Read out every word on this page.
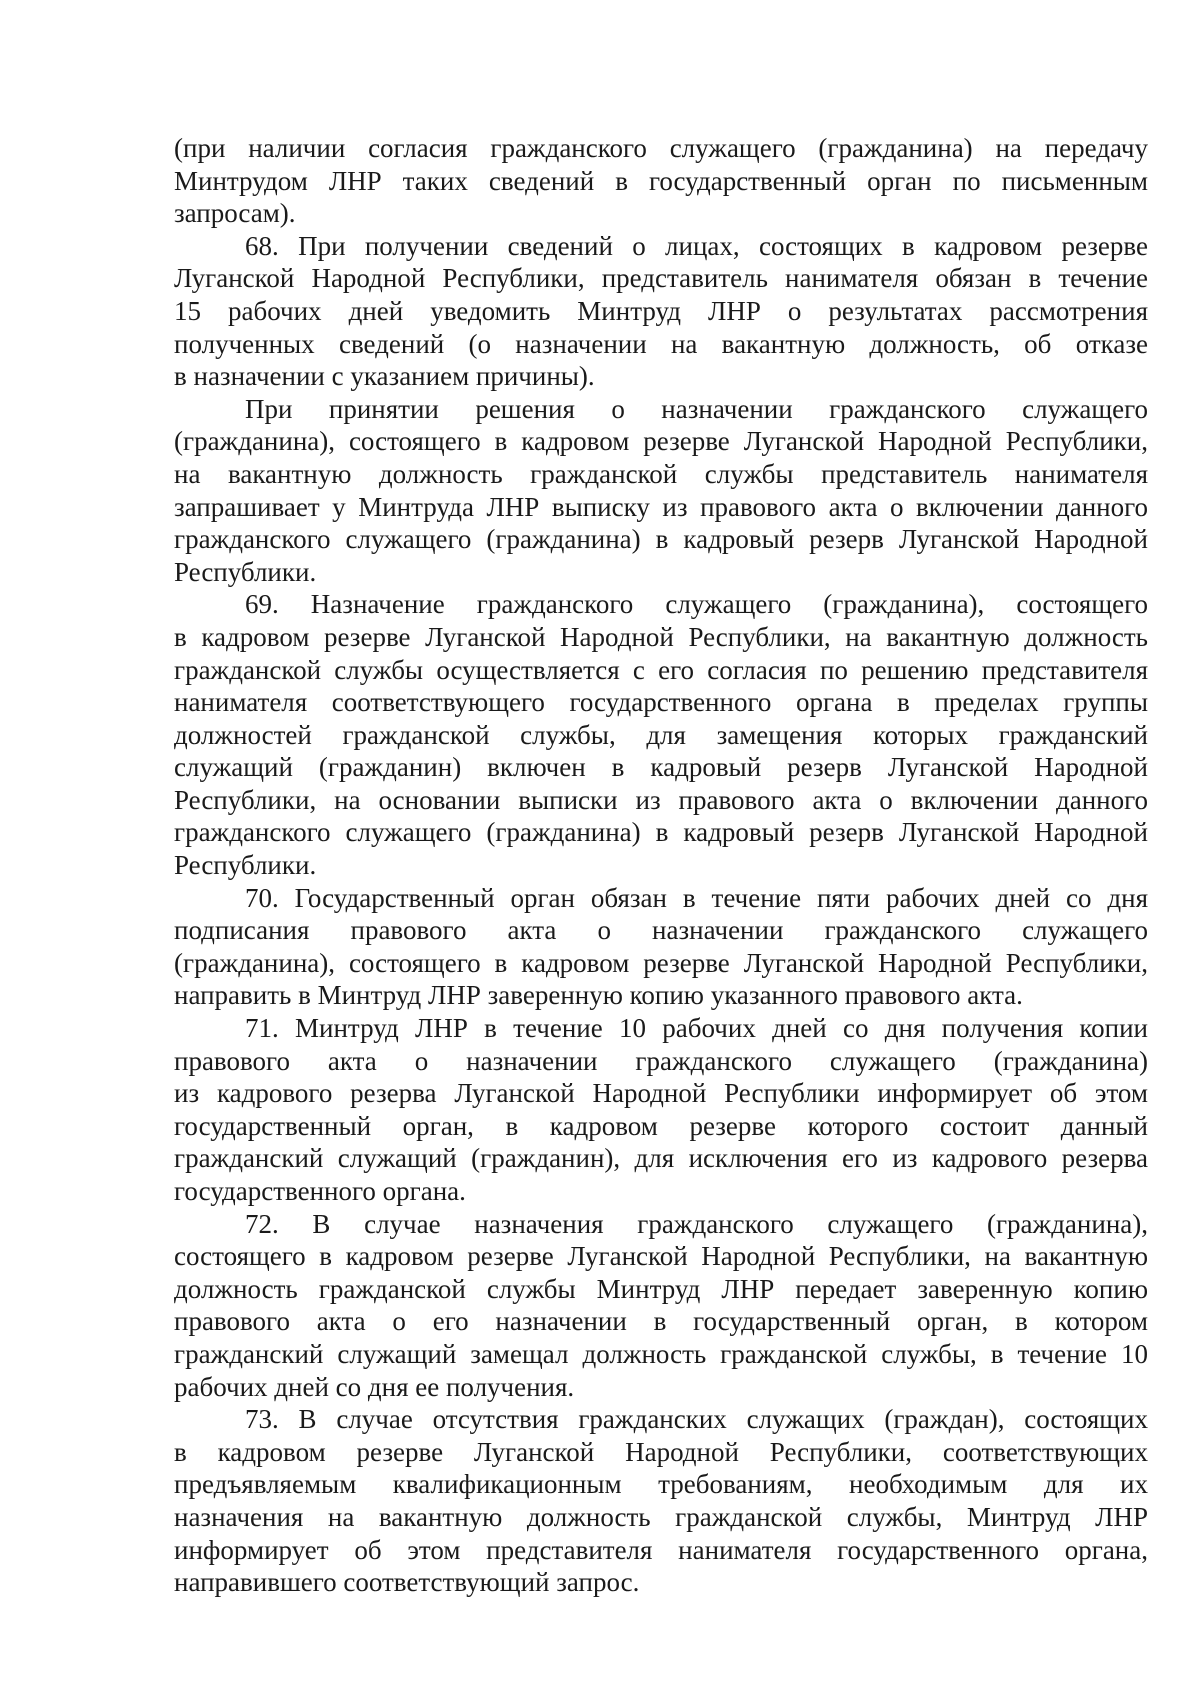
(при наличии согласия гражданского служащего (гражданина) на передачу
Минтрудом ЛНР таких сведений в государственный орган по письменным
запросам).
68. При получении сведений о лицах, состоящих в кадровом резерве
Луганской Народной Республики, представитель нанимателя обязан в течение
15 рабочих дней уведомить Минтруд ЛНР о результатах рассмотрения
полученных сведений (о назначении на вакантную должность, об отказе
в назначении с указанием причины).
При принятии решения о назначении гражданского служащего
(гражданина), состоящего в кадровом резерве Луганской Народной Республики,
на вакантную должность гражданской службы представитель нанимателя
запрашивает у Минтруда ЛНР выписку из правового акта о включении данного
гражданского служащего (гражданина) в кадровый резерв Луганской Народной
Республики.
69. Назначение гражданского служащего (гражданина), состоящего
в кадровом резерве Луганской Народной Республики, на вакантную должность
гражданской службы осуществляется с его согласия по решению представителя
нанимателя соответствующего государственного органа в пределах группы
должностей гражданской службы, для замещения которых гражданский
служащий (гражданин) включен в кадровый резерв Луганской Народной
Республики, на основании выписки из правового акта о включении данного
гражданского служащего (гражданина) в кадровый резерв Луганской Народной
Республики.
70. Государственный орган обязан в течение пяти рабочих дней со дня
подписания правового акта о назначении гражданского служащего
(гражданина), состоящего в кадровом резерве Луганской Народной Республики,
направить в Минтруд ЛНР заверенную копию указанного правового акта.
71. Минтруд ЛНР в течение 10 рабочих дней со дня получения копии
правового акта о назначении гражданского служащего (гражданина)
из кадрового резерва Луганской Народной Республики информирует об этом
государственный орган, в кадровом резерве которого состоит данный
гражданский служащий (гражданин), для исключения его из кадрового резерва
государственного органа.
72. В случае назначения гражданского служащего (гражданина),
состоящего в кадровом резерве Луганской Народной Республики, на вакантную
должность гражданской службы Минтруд ЛНР передает заверенную копию
правового акта о его назначении в государственный орган, в котором
гражданский служащий замещал должность гражданской службы, в течение 10
рабочих дней со дня ее получения.
73. В случае отсутствия гражданских служащих (граждан), состоящих
в кадровом резерве Луганской Народной Республики, соответствующих
предъявляемым квалификационным требованиям, необходимым для их
назначения на вакантную должность гражданской службы, Минтруд ЛНР
информирует об этом представителя нанимателя государственного органа,
направившего соответствующий запрос.
